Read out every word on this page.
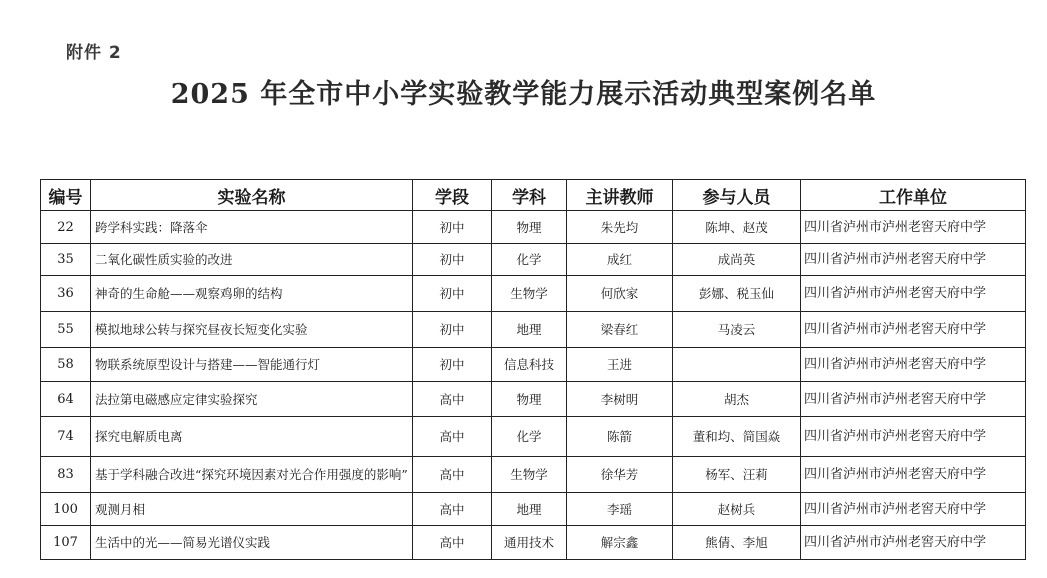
附件 2
2025 年全市中小学实验教学能力展示活动典型案例名单
编号	实验名称	学段	学科	主讲教师	参与人员	工作单位
22	跨学科实践：降落伞	初中	物理	朱先均	陈坤、赵茂	四川省泸州市泸州老窖天府中学
35	二氧化碳性质实验的改进	初中	化学	成红	成尚英	四川省泸州市泸州老窖天府中学
36	神奇的生命舱——观察鸡卵的结构	初中	生物学	何欣家	彭娜、税玉仙	四川省泸州市泸州老窖天府中学
55	模拟地球公转与探究昼夜长短变化实验	初中	地理	梁春红	马凌云	四川省泸州市泸州老窖天府中学
58	物联系统原型设计与搭建——智能通行灯	初中	信息科技	王进		四川省泸州市泸州老窖天府中学
64	法拉第电磁感应定律实验探究	高中	物理	李树明	胡杰	四川省泸州市泸州老窖天府中学
74	探究电解质电离	高中	化学	陈箭	董和均、简国焱	四川省泸州市泸州老窖天府中学
83	基于学科融合改进“探究环境因素对光合作用强度的影响”	高中	生物学	徐华芳	杨军、汪莉	四川省泸州市泸州老窖天府中学
100	观测月相	高中	地理	李瑶	赵树兵	四川省泸州市泸州老窖天府中学
107	生活中的光——简易光谱仪实践	高中	通用技术	解宗鑫	熊倩、李旭	四川省泸州市泸州老窖天府中学
